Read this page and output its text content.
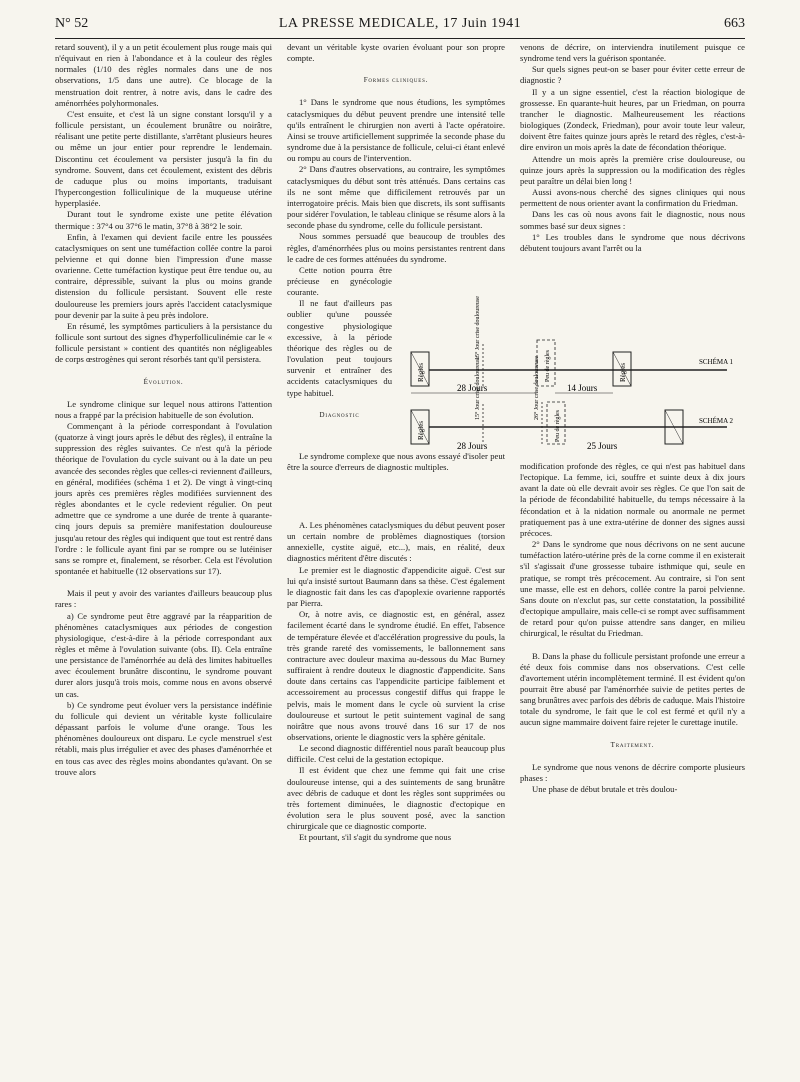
N° 52	LA PRESSE MEDICALE, 17 Juin 1941	663

retard souvent), il y a un petit écoulement plus rouge mais qui n'équivaut en rien à l'abondance et à la couleur des règles normales (1/10 des règles normales dans une de nos observations, 1/5 dans une autre). Ce blocage de la menstruation doit rentrer, à notre avis, dans le cadre des aménorrhées polyhormonales.

C'est ensuite, et c'est là un signe constant lorsqu'il y a follicule persistant, un écoulement brunâtre ou noirâtre, réalisant une petite perte distillante, s'arrêtant plusieurs heures ou même un jour entier pour reprendre le lendemain. Discontinu cet écoulement va persister jusqu'à la fin du syndrome. Souvent, dans cet écoulement, existent des débris de caduque plus ou moins importants, traduisant l'hypercongestion folliculinique de la muqueuse utérine hyperplasiée.

Durant tout le syndrome existe une petite élévation thermique : 37°4 ou 37°6 le matin, 37°8 à 38°2 le soir.

Enfin, à l'examen qui devient facile entre les poussées cataclysmiques on sent une tuméfaction collée contre la paroi pelvienne et qui donne bien l'impression d'une masse ovarienne. Cette tuméfaction kystique peut être tendue ou, au contraire, dépressible, suivant la plus ou moins grande distension du follicule persistant. Souvent elle reste douloureuse les premiers jours après l'accident cataclysmique pour devenir par la suite à peu près indolore.

En résumé, les symptômes particuliers à la persistance du follicule sont surtout des signes d'hyperfolliculinémie car le « follicule persistant » contient des quantités non négligeables de corps œstrogènes qui seront résorbés tant qu'il persistera.

Évolution.

Le syndrome clinique sur lequel nous attirons l'attention nous a frappé par la précision habituelle de son évolution.

Commençant à la période correspondant à l'ovulation (quatorze à vingt jours après le début des règles), il entraîne la suppression des règles suivantes. Ce n'est qu'à la période théorique de l'ovulation du cycle suivant ou à la date un peu avancée des secondes règles que celles-ci reviennent d'ailleurs, en général, modifiées (schéma 1 et 2). De vingt à vingt-cinq jours après ces premières règles modifiées surviennent des règles abondantes et le cycle redevient régulier. On peut admettre que ce syndrome a une durée de trente à quarante-cinq jours depuis sa première manifestation douloureuse jusqu'au retour des règles qui indiquent que tout est rentré dans l'ordre : le follicule ayant fini par se rompre ou se lutéiniser sans se rompre et, finalement, se résorber. Cela est l'évolution spontanée et habituelle (12 observations sur 17).

Mais il peut y avoir des variantes d'ailleurs beaucoup plus rares :

a) Ce syndrome peut être aggravé par la réapparition de phénomènes cataclysmiques aux périodes de congestion physiologique, c'est-à-dire à la période correspondant aux règles et même à l'ovulation suivante (obs. II). Cela entraîne une persistance de l'aménorrhée au delà des limites habituelles avec écoulement brunâtre discontinu, le syndrome pouvant durer alors jusqu'à trois mois, comme nous en avons observé un cas.

b) Ce syndrome peut évoluer vers la persistance indéfinie du follicule qui devient un véritable kyste folliculaire dépassant parfois le volume d'une orange. Tous les phénomènes douloureux ont disparu. Le cycle menstruel s'est rétabli, mais plus irrégulier et avec des phases d'aménorrhée et en tous cas avec des règles moins abondantes qu'avant. On se trouve alors

devant un véritable kyste ovarien évoluant pour son propre compte.

Formes cliniques.

1° Dans le syndrome que nous étudions, les symptômes cataclysmiques du début peuvent prendre une intensité telle qu'ils entraînent le chirurgien non averti à l'acte opératoire. Ainsi se trouve artificiellement supprimée la seconde phase du syndrome due à la persistance de follicule, celui-ci étant enlevé ou rompu au cours de l'intervention.

2° Dans d'autres observations, au contraire, les symptômes cataclysmiques du début sont très atténués. Dans certains cas ils ne sont même que difficilement retrouvés par un interrogatoire précis. Mais bien que discrets, ils sont suffisants pour sidérer l'ovulation, le tableau clinique se résume alors à la seconde phase du syndrome, celle du follicule persistant.

Nous sommes persuadé que beaucoup de troubles des règles, d'aménorrhées plus ou moins persistantes rentrent dans le cadre de ces formes atténuées du syndrome.

Cette notion pourra être précieuse en gynécologie courante.

Il ne faut d'ailleurs pas oublier qu'une poussée congestive physiologique excessive, à la période théorique des règles ou de l'ovulation peut toujours survenir et entraîner des accidents cataclysmiques du type habituel.

Diagnostic

Le syndrome complexe que nous avons essayé d'isoler peut être la source d'erreurs de diagnostic multiples.

A. Les phénomènes cataclysmiques du début peuvent poser un certain nombre de problèmes diagnostiques (torsion annexielle, cystite aiguë, etc...), mais, en réalité, deux diagnostics méritent d'être discutés :

Le premier est le diagnostic d'appendicite aiguë. C'est sur lui qu'a insisté surtout Baumann dans sa thèse. C'est également le diagnostic fait dans les cas d'apoplexie ovarienne rapportés par Pierra.

Or, à notre avis, ce diagnostic est, en général, assez facilement écarté dans le syndrome étudié. En effet, l'absence de température élevée et d'accélération progressive du pouls, la très grande rareté des vomissements, le ballonnement sans contracture avec douleur maxima au-dessous du Mac Burney suffiraient à rendre douteux le diagnostic d'appendicite. Sans doute dans certains cas l'appendicite participe faiblement et accessoirement au processus congestif diffus qui frappe le pelvis, mais le moment dans le cycle où survient la crise douloureuse et surtout le petit suintement vaginal de sang noirâtre que nous avons trouvé dans 16 sur 17 de nos observations, oriente le diagnostic vers la sphère génitale.

Le second diagnostic différentiel nous paraît beaucoup plus difficile. C'est celui de la gestation ectopique.

Il est évident que chez une femme qui fait une crise douloureuse intense, qui a des suintements de sang brunâtre avec débris de caduque et dont les règles sont supprimées ou très fortement diminuées, le diagnostic d'ectopique en évolution sera le plus souvent posé, avec la sanction chirurgicale que ce diagnostic comporte.

Et pourtant, s'il s'agit du syndrome que nous

venons de décrire, on interviendra inutilement puisque ce syndrome tend vers la guérison spontanée.

Sur quels signes peut-on se baser pour éviter cette erreur de diagnostic ?

Il y a un signe essentiel, c'est la réaction biologique de grossesse. En quarante-huit heures, par un Friedman, on pourra trancher le diagnostic. Malheureusement les réactions biologiques (Zondeck, Friedman), pour avoir toute leur valeur, doivent être faites quinze jours après le retard des règles, c'est-à-dire environ un mois après la date de fécondation théorique.

Attendre un mois après la première crise douloureuse, ou quinze jours après la suppression ou la modification des règles peut paraître un délai bien long !

Aussi avons-nous cherché des signes cliniques qui nous permettent de nous orienter avant la confirmation du Friedman.

Dans les cas où nous avons fait le diagnostic, nous nous sommes basé sur deux signes :

1° Les troubles dans le syndrome que nous décrivons débutent toujours avant l'arrêt ou la

Règles
15° Jour crise douloureuse
Peu de règles	Règles
SCHÉMA 1
28 Jours	14 Jours
Règles
15° Jour crise douloureuse	26° Jour crise douloureuse
Peu de règles	SCHÉMA 2
28 Jours	25 Jours

modification profonde des règles, ce qui n'est pas habituel dans l'ectopique. La femme, ici, souffre et suinte deux à dix jours avant la date où elle devrait avoir ses règles. Ce que l'on sait de la période de fécondabilité habituelle, du temps nécessaire à la fécondation et à la nidation normale ou anormale ne permet pratiquement pas à une extra-utérine de donner des signes aussi précoces.

2° Dans le syndrome que nous décrivons on ne sent aucune tuméfaction latéro-utérine près de la corne comme il en existerait s'il s'agissait d'une grossesse tubaire isthmique qui, seule en pratique, se rompt très précocement. Au contraire, si l'on sent une masse, elle est en dehors, collée contre la paroi pelvienne. Sans doute on n'exclut pas, sur cette constatation, la possibilité d'ectopique ampullaire, mais celle-ci se rompt avec suffisamment de retard pour qu'on puisse attendre sans danger, en milieu chirurgical, le résultat du Friedman.

B. Dans la phase du follicule persistant profonde une erreur a été deux fois commise dans nos observations. C'est celle d'avortement utérin incomplètement terminé. Il est évident qu'on pourrait être abusé par l'aménorrhée suivie de petites pertes de sang brunâtres avec parfois des débris de caduque. Mais l'histoire totale du syndrome, le fait que le col est fermé et qu'il n'y a aucun signe mammaire doivent faire rejeter le curettage inutile.

Traitement.

Le syndrome que nous venons de décrire comporte plusieurs phases :

Une phase de début brutale et très doulou-
